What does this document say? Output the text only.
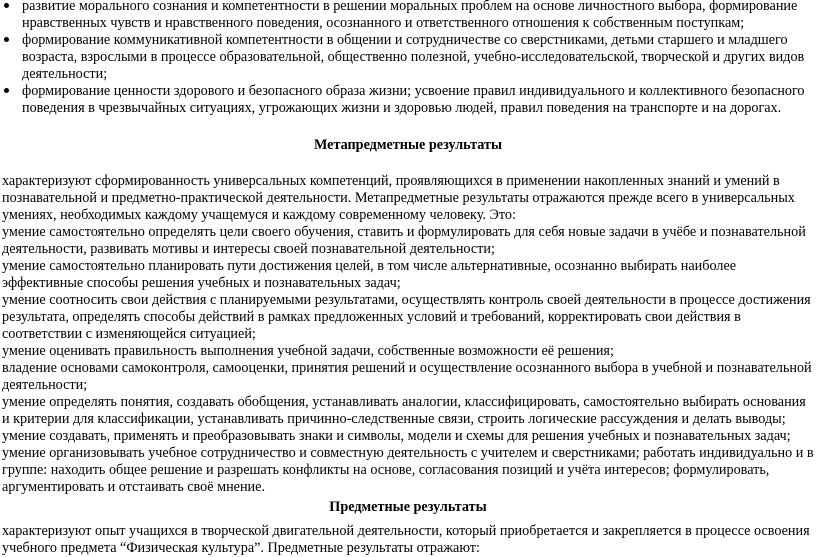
развитие морального сознания и компетентности в решении моральных проблем на основе личностного выбора, формирование нравственных чувств и нравственного поведения, осознанного и ответственного отношения к собственным поступкам;
формирование коммуникативной компетентности в общении и сотрудничестве со сверстниками, детьми старшего и младшего возраста, взрослыми в процессе образовательной, общественно полезной, учебно-исследовательской, творческой и других видов деятельности;
формирование ценности здорового и безопасного образа жизни; усвоение правил индивидуального и коллективного безопасного поведения в чрезвычайных ситуациях, угрожающих жизни и здоровью людей, правил поведения на транспорте и на дорогах.

Метапредметные результаты

характеризуют сформированность универсальных компетенций, проявляющихся в применении накопленных знаний и умений в познавательной и предметно-практической деятельности. Метапредметные результаты отражаются прежде всего в универсальных умениях, необходимых каждому учащемуся и каждому современному человеку. Это:

умение самостоятельно определять цели своего обучения, ставить и формулировать для себя новые задачи в учёбе и познавательной деятельности, развивать мотивы и интересы своей познавательной деятельности;

умение самостоятельно планировать пути достижения целей, в том числе альтернативные, осознанно выбирать наиболее эффективные способы решения учебных и познавательных задач;

умение соотносить свои действия с планируемыми результатами, осуществлять контроль своей деятельности в процессе достижения результата, определять способы действий в рамках предложенных условий и требований, корректировать свои действия в соответствии с изменяющейся ситуацией;

умение оценивать правильность выполнения учебной задачи, собственные возможности её решения;

владение основами самоконтроля, самооценки, принятия решений и осуществление осознанного выбора в учебной и познавательной деятельности;

умение определять понятия, создавать обобщения, устанавливать аналогии, классифицировать, самостоятельно выбирать основания и критерии для классификации, устанавливать причинно-следственные связи, строить логические рассуждения и делать выводы;

умение создавать, применять и преобразовывать знаки и символы, модели и схемы для решения учебных и познавательных задач;

умение организовывать учебное сотрудничество и совместную деятельность с учителем и сверстниками; работать индивидуально и в группе: находить общее решение и разрешать конфликты на основе, согласования позиций и учёта интересов; формулировать, аргументировать и отстаивать своё мнение.

Предметные результаты

характеризуют опыт учащихся в творческой двигательной деятельности, который приобретается и закрепляется в процессе освоения учебного предмета “Физическая культура”. Предметные результаты отражают:
